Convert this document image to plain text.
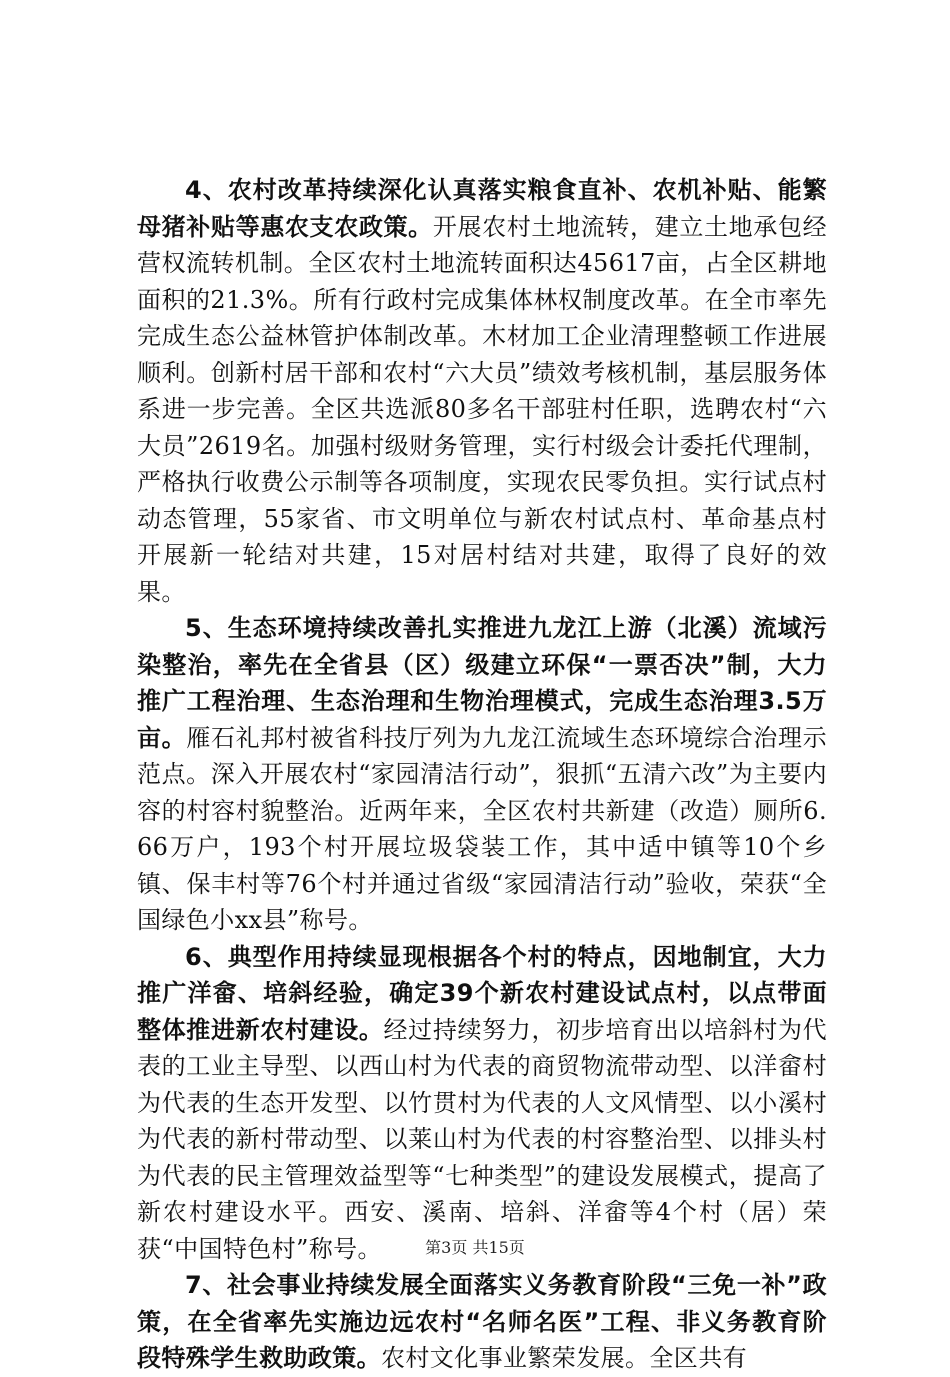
4、农村改革持续深化认真落实粮食直补、农机补贴、能繁母猪补贴等惠农支农政策。开展农村土地流转，建立土地承包经营权流转机制。全区农村土地流转面积达45617亩，占全区耕地面积的21.3%。所有行政村完成集体林权制度改革。在全市率先完成生态公益林管护体制改革。木材加工企业清理整顿工作进展顺利。创新村居干部和农村“六大员”绩效考核机制，基层服务体系进一步完善。全区共选派80多名干部驻村任职，选聘农村“六大员”2619名。加强村级财务管理，实行村级会计委托代理制，严格执行收费公示制等各项制度，实现农民零负担。实行试点村动态管理，55家省、市文明单位与新农村试点村、革命基点村开展新一轮结对共建，15对居村结对共建，取得了良好的效果。

5、生态环境持续改善扎实推进九龙江上游（北溪）流域污染整治，率先在全省县（区）级建立环保“一票否决”制，大力推广工程治理、生态治理和生物治理模式，完成生态治理3.5万亩。雁石礼邦村被省科技厅列为九龙江流域生态环境综合治理示范点。深入开展农村“家园清洁行动”，狠抓“五清六改”为主要内容的村容村貌整治。近两年来，全区农村共新建（改造）厕所6.66万户，193个村开展垃圾袋装工作，其中适中镇等10个乡镇、保丰村等76个村并通过省级“家园清洁行动”验收，荣获“全国绿色小xx县”称号。

6、典型作用持续显现根据各个村的特点，因地制宜，大力推广洋畲、培斜经验，确定39个新农村建设试点村，以点带面整体推进新农村建设。经过持续努力，初步培育出以培斜村为代表的工业主导型、以西山村为代表的商贸物流带动型、以洋畲村为代表的生态开发型、以竹贯村为代表的人文风情型、以小溪村为代表的新村带动型、以莱山村为代表的村容整治型、以排头村为代表的民主管理效益型等“七种类型”的建设发展模式，提高了新农村建设水平。西安、溪南、培斜、洋畲等4个村（居）荣获“中国特色村”称号。

7、社会事业持续发展全面落实义务教育阶段“三免一补”政策，在全省率先实施边远农村“名师名医”工程、非义务教育阶段特殊学生救助政策。农村文化事业繁荣发展。全区共有

第3页 共15页
